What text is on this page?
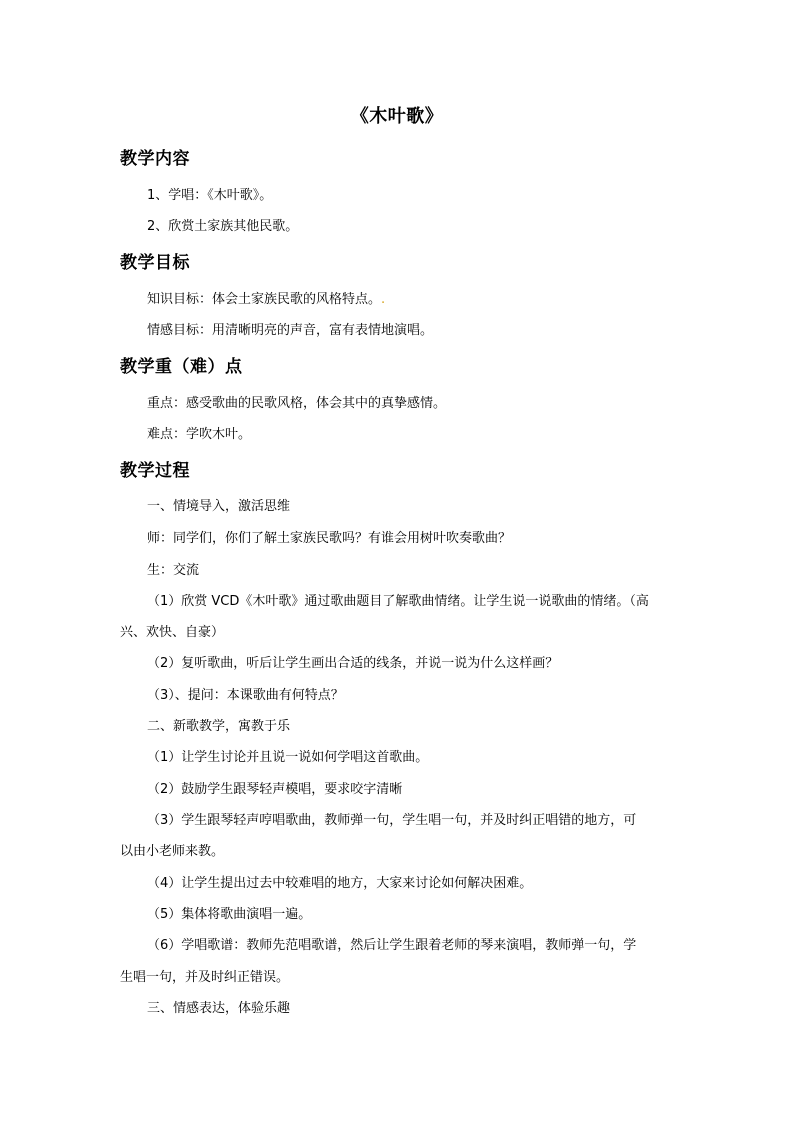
《木叶歌》
教学内容
1、学唱：《木叶歌》。
2、欣赏土家族其他民歌。
教学目标
知识目标：体会土家族民歌的风格特点。.
情感目标：用清晰明亮的声音，富有表情地演唱。
教学重（难）点
重点：感受歌曲的民歌风格，体会其中的真挚感情。
难点：学吹木叶。
教学过程
一、情境导入，激活思维
师：同学们，你们了解土家族民歌吗？有谁会用树叶吹奏歌曲？
生：交流
（1）欣赏 VCD《木叶歌》通过歌曲题目了解歌曲情绪。让学生说一说歌曲的情绪。（高
兴、欢快、自豪）
（2）复听歌曲，听后让学生画出合适的线条，并说一说为什么这样画？
（3）、提问：本课歌曲有何特点？
二、新歌教学，寓教于乐
（1）让学生讨论并且说一说如何学唱这首歌曲。
（2）鼓励学生跟琴轻声模唱，要求咬字清晰
（3）学生跟琴轻声哼唱歌曲，教师弹一句，学生唱一句，并及时纠正唱错的地方，可
以由小老师来教。
（4）让学生提出过去中较难唱的地方，大家来讨论如何解决困难。
（5）集体将歌曲演唱一遍。
（6）学唱歌谱：教师先范唱歌谱，然后让学生跟着老师的琴来演唱，教师弹一句，学
生唱一句，并及时纠正错误。
三、情感表达，体验乐趣
